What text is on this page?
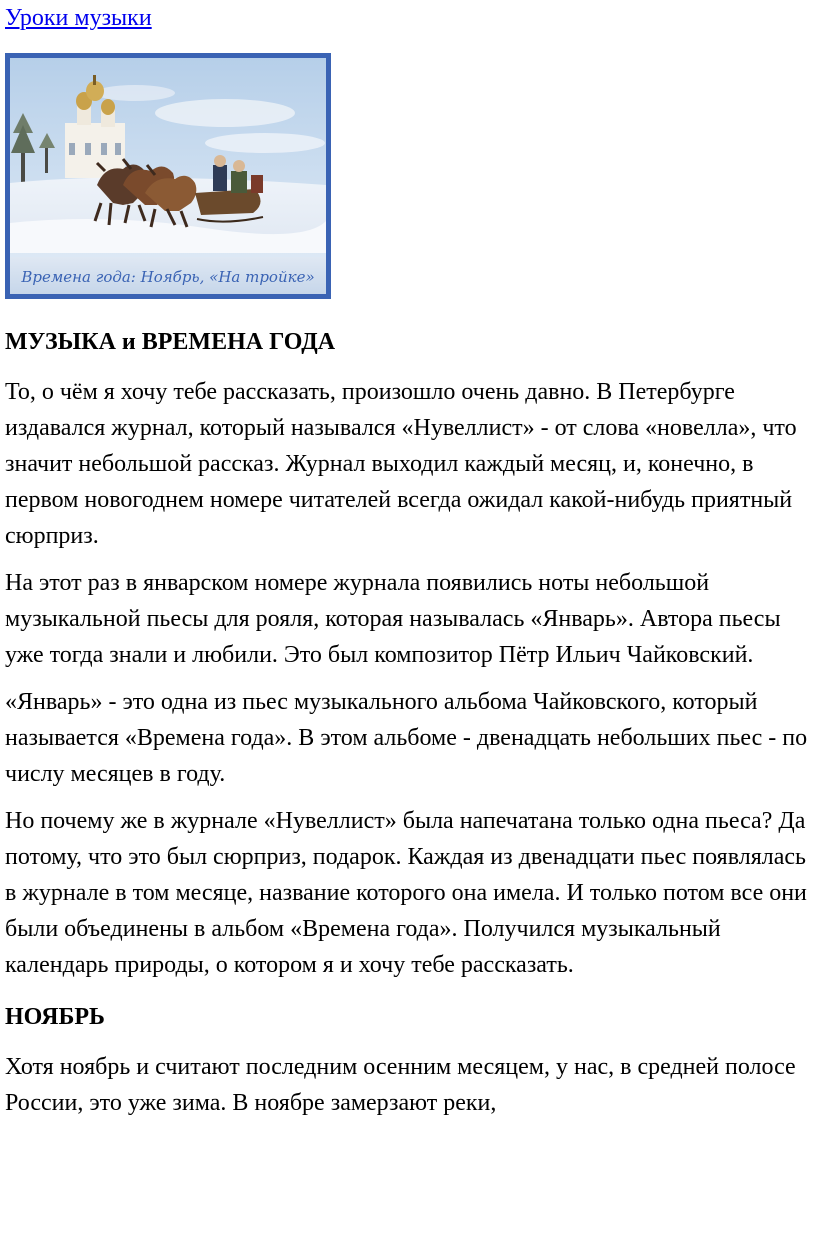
Уроки музыки
Времена года: Ноябрь, «На тройке»
МУЗЫКА и ВРЕМЕНА ГОДА

То, о чём я хочу тебе рассказать, произошло очень давно. В Петербурге издавался журнал, который назывался «Нувеллист» - от слова «новелла», что значит небольшой рассказ. Журнал выходил каждый месяц, и, конечно, в первом новогоднем номере читателей всегда ожидал какой-нибудь приятный сюрприз.

На этот раз в январском номере журнала появились ноты небольшой музыкальной пьесы для рояля, которая называлась «Январь». Автора пьесы уже тогда знали и любили. Это был композитор Пётр Ильич Чайковский.

«Январь» - это одна из пьес музыкального альбома Чайковского, который называется «Времена года». В этом альбоме - двенадцать небольших пьес - по числу месяцев в году.

Но почему же в журнале «Нувеллист» была напечатана только одна пьеса? Да потому, что это был сюрприз, подарок. Каждая из двенадцати пьес появлялась в журнале в том месяце, название которого она имела. И только потом все они были объединены в альбом «Времена года». Получился музыкальный календарь природы, о котором я и хочу тебе рассказать.

НОЯБРЬ

Хотя ноябрь и считают последним осенним месяцем, у нас, в средней полосе России, это уже зима. В ноябре замерзают реки,
